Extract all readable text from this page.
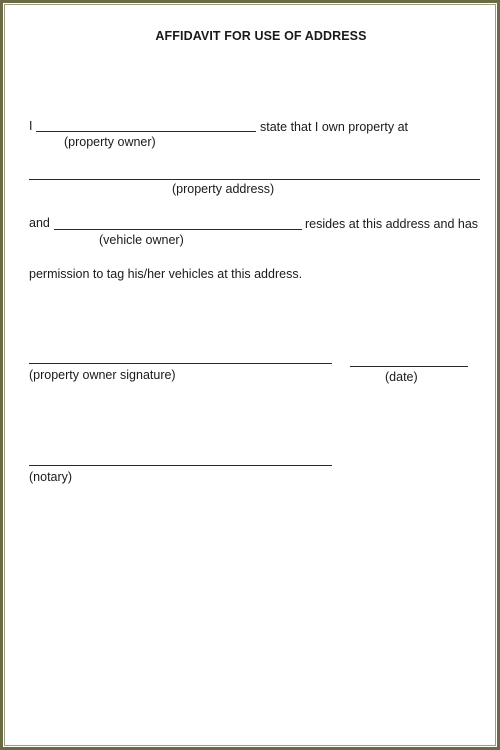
AFFIDAVIT FOR USE OF ADDRESS
I	state that I own property at
(property owner)
(property address)
and	resides at this address and has
(vehicle owner)
permission to tag his/her vehicles at this address.
(property owner signature)	(date)
(notary)
